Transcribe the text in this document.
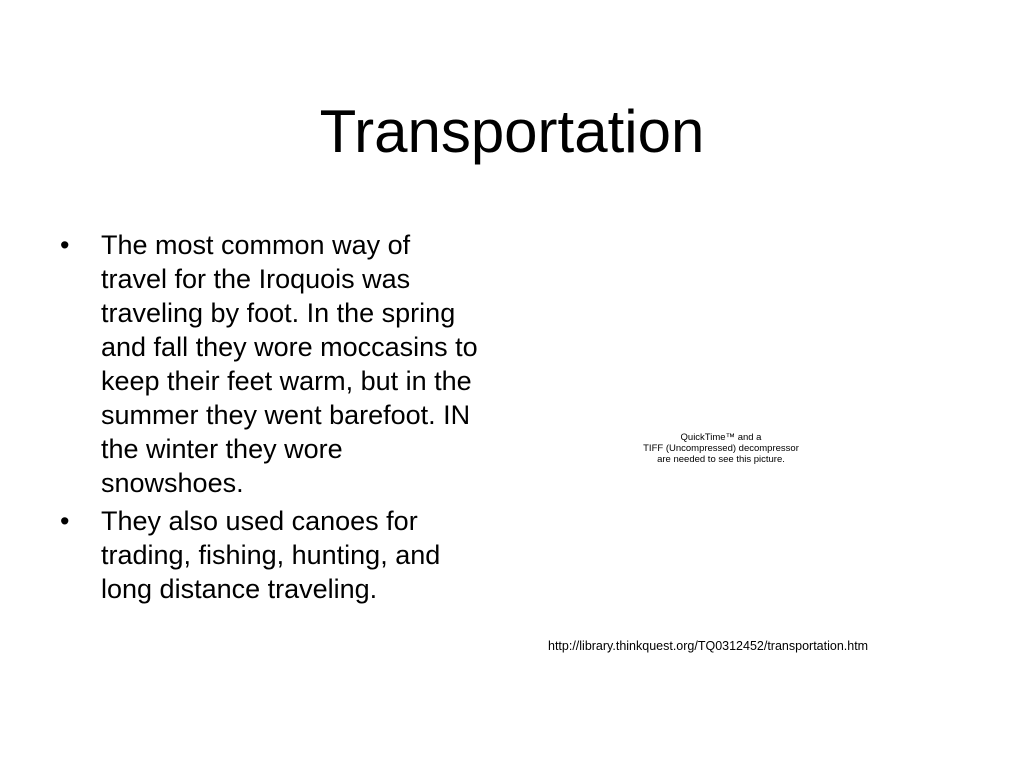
Transportation
• The most common way of travel for the Iroquois was traveling by foot. In the spring and fall they wore moccasins to keep their feet warm, but in the summer they went barefoot. IN the winter they wore snowshoes.
• They also used canoes for trading, fishing, hunting, and long distance traveling.
QuickTime™ and a
TIFF (Uncompressed) decompressor
are needed to see this picture.
http://library.thinkquest.org/TQ0312452/transportation.htm
